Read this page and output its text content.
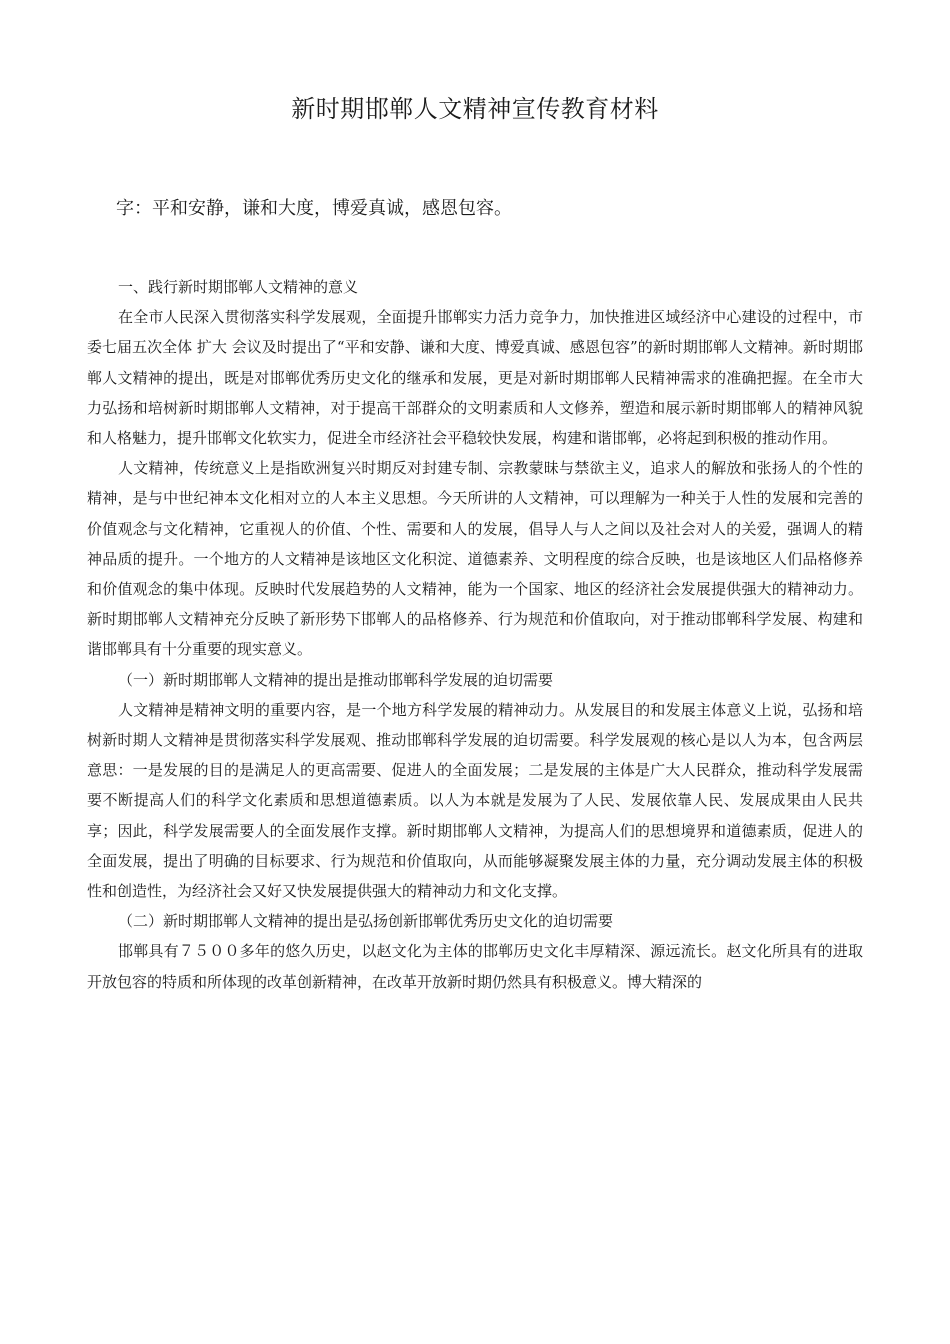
新时期邯郸人文精神宣传教育材料

字：平和安静，谦和大度，博爱真诚，感恩包容。

一、践行新时期邯郸人文精神的意义

在全市人民深入贯彻落实科学发展观，全面提升邯郸实力活力竞争力，加快推进区域经济中心建设的过程中，市委七届五次全体 扩大 会议及时提出了“平和安静、谦和大度、博爱真诚、感恩包容”的新时期邯郸人文精神。新时期邯郸人文精神的提出，既是对邯郸优秀历史文化的继承和发展，更是对新时期邯郸人民精神需求的准确把握。在全市大力弘扬和培树新时期邯郸人文精神，对于提高干部群众的文明素质和人文修养，塑造和展示新时期邯郸人的精神风貌和人格魅力，提升邯郸文化软实力，促进全市经济社会平稳较快发展，构建和谐邯郸，必将起到积极的推动作用。

人文精神，传统意义上是指欧洲复兴时期反对封建专制、宗教蒙昧与禁欲主义，追求人的解放和张扬人的个性的精神，是与中世纪神本文化相对立的人本主义思想。今天所讲的人文精神，可以理解为一种关于人性的发展和完善的价值观念与文化精神，它重视人的价值、个性、需要和人的发展，倡导人与人之间以及社会对人的关爱，强调人的精神品质的提升。一个地方的人文精神是该地区文化积淀、道德素养、文明程度的综合反映，也是该地区人们品格修养和价值观念的集中体现。反映时代发展趋势的人文精神，能为一个国家、地区的经济社会发展提供强大的精神动力。新时期邯郸人文精神充分反映了新形势下邯郸人的品格修养、行为规范和价值取向，对于推动邯郸科学发展、构建和谐邯郸具有十分重要的现实意义。

（一）新时期邯郸人文精神的提出是推动邯郸科学发展的迫切需要

人文精神是精神文明的重要内容，是一个地方科学发展的精神动力。从发展目的和发展主体意义上说，弘扬和培树新时期人文精神是贯彻落实科学发展观、推动邯郸科学发展的迫切需要。科学发展观的核心是以人为本，包含两层意思：一是发展的目的是满足人的更高需要、促进人的全面发展；二是发展的主体是广大人民群众，推动科学发展需要不断提高人们的科学文化素质和思想道德素质。以人为本就是发展为了人民、发展依靠人民、发展成果由人民共享；因此，科学发展需要人的全面发展作支撑。新时期邯郸人文精神，为提高人们的思想境界和道德素质，促进人的全面发展，提出了明确的目标要求、行为规范和价值取向，从而能够凝聚发展主体的力量，充分调动发展主体的积极性和创造性，为经济社会又好又快发展提供强大的精神动力和文化支撑。

（二）新时期邯郸人文精神的提出是弘扬创新邯郸优秀历史文化的迫切需要

邯郸具有７５００多年的悠久历史，以赵文化为主体的邯郸历史文化丰厚精深、源远流长。赵文化所具有的进取开放包容的特质和所体现的改革创新精神，在改革开放新时期仍然具有积极意义。博大精深的
